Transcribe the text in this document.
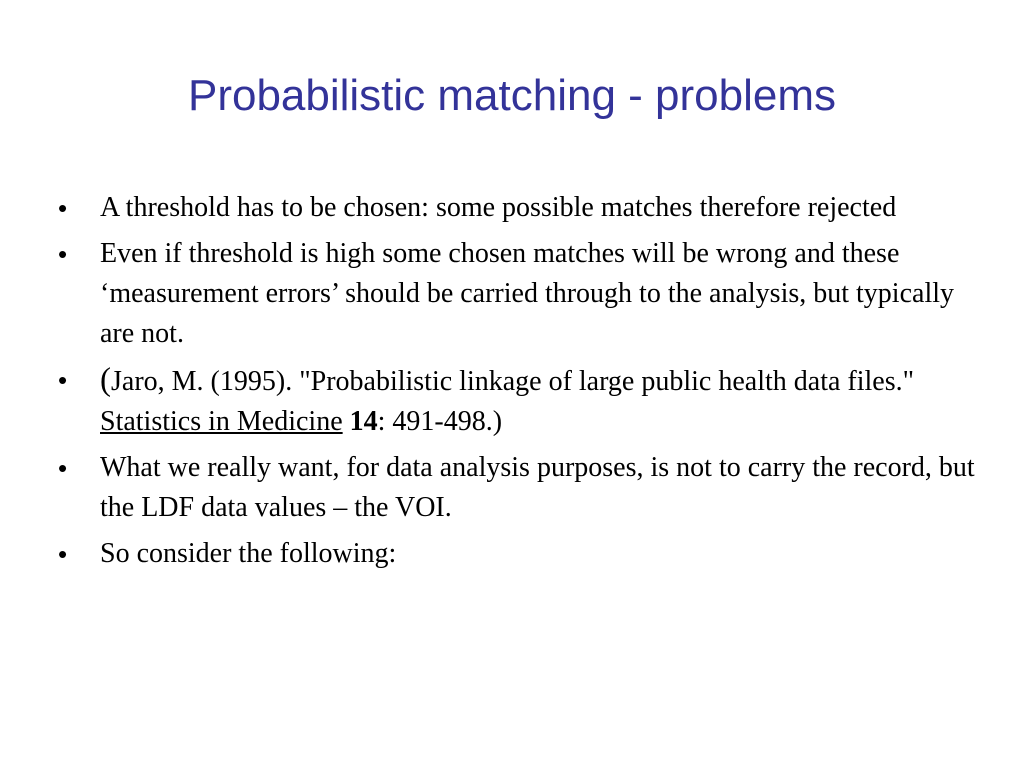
Probabilistic matching - problems
• A threshold has to be chosen: some possible matches therefore rejected
• Even if threshold is high some chosen matches will be wrong and these ‘measurement errors’ should be carried through to the analysis, but typically are not.
• (Jaro, M. (1995). "Probabilistic linkage of large public health data files." Statistics in Medicine 14: 491-498.)
• What we really want, for data analysis purposes, is not to carry the record, but the LDF data values – the VOI.
• So consider the following:
